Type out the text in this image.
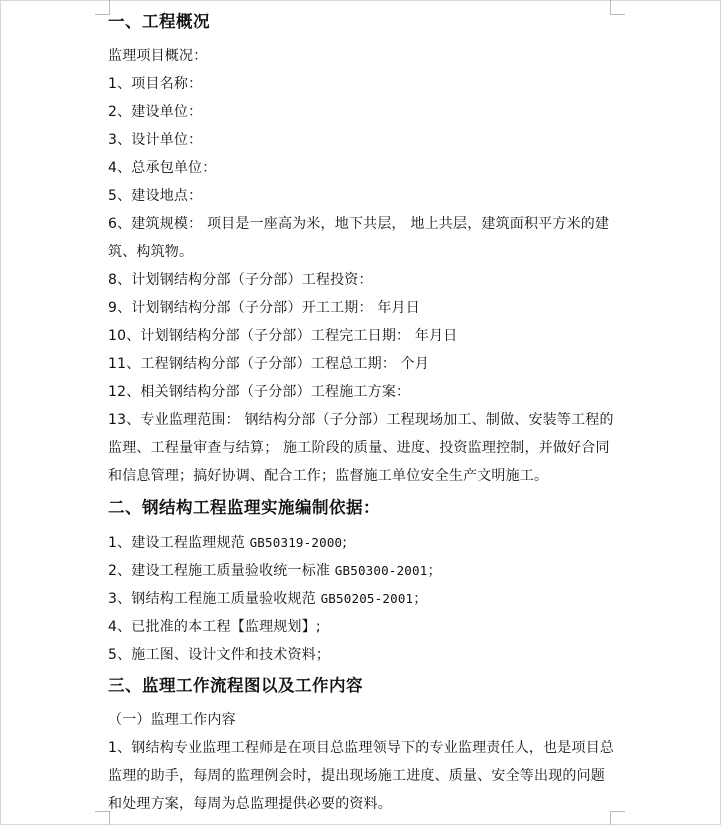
一、工程概况
监理项目概况：
1、项目名称：
2、建设单位：
3、设计单位：
4、总承包单位：
5、建设地点：
6、建筑规模： 项目是一座高为米，地下共层， 地上共层，建筑面积平方米的建
筑、构筑物。
8、计划钢结构分部（子分部）工程投资：
9、计划钢结构分部（子分部）开工工期： 年月日
10、计划钢结构分部（子分部）工程完工日期： 年月日
11、工程钢结构分部（子分部）工程总工期： 个月
12、相关钢结构分部（子分部）工程施工方案：
13、专业监理范围： 钢结构分部（子分部）工程现场加工、制做、安装等工程的
监理、工程量审查与结算； 施工阶段的质量、进度、投资监理控制，并做好合同
和信息管理；搞好协调、配合工作；监督施工单位安全生产文明施工。
二、钢结构工程监理实施编制依据：
1、建设工程监理规范 GB50319-2000;
2、建设工程施工质量验收统一标准 GB50300-2001；
3、钢结构工程施工质量验收规范 GB50205-2001；
4、已批准的本工程【监理规划】;
5、施工图、设计文件和技术资料；
三、监理工作流程图以及工作内容
（一）监理工作内容
1、钢结构专业监理工程师是在项目总监理领导下的专业监理责任人，也是项目总
监理的助手，每周的监理例会时，提出现场施工进度、质量、安全等出现的问题
和处理方案，每周为总监理提供必要的资料。
